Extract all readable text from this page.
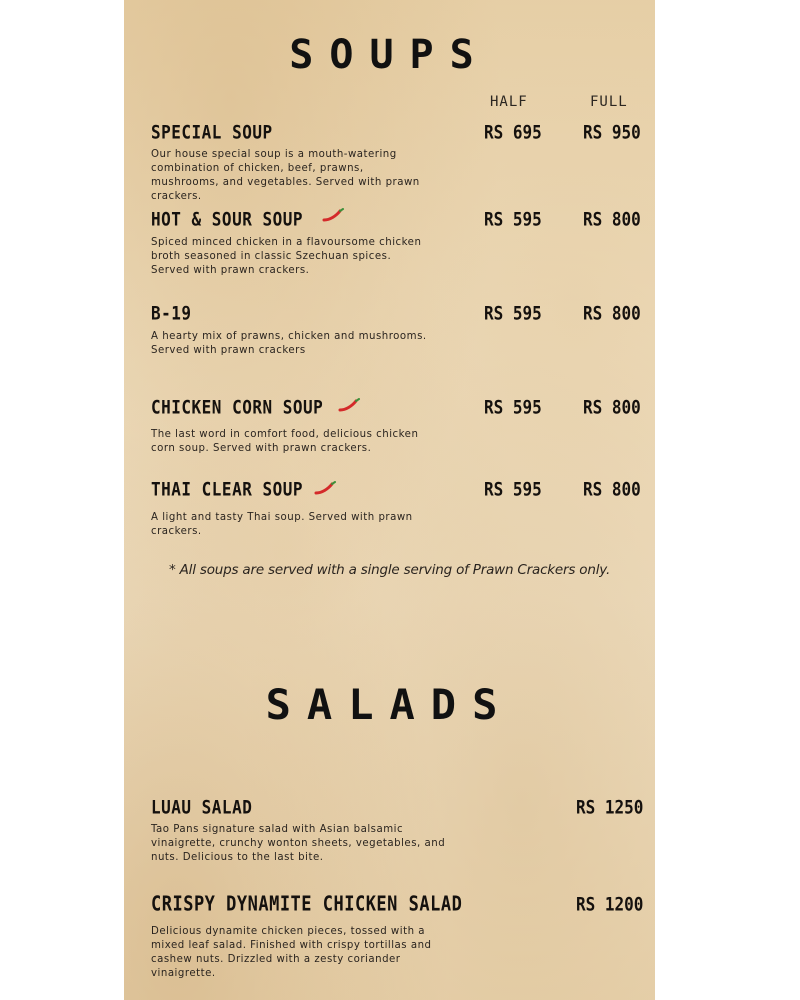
SOUPS
HALF	FULL
SPECIAL SOUP	RS 695	RS 950
Our house special soup is a mouth-watering combination of chicken, beef, prawns, mushrooms, and vegetables. Served with prawn crackers.
HOT & SOUR SOUP	RS 595	RS 800
Spiced minced chicken in a flavoursome chicken broth seasoned in classic Szechuan spices. Served with prawn crackers.
B-19	RS 595	RS 800
A hearty mix of prawns, chicken and mushrooms. Served with prawn crackers
CHICKEN CORN SOUP	RS 595	RS 800
The last word in comfort food, delicious chicken corn soup. Served with prawn crackers.
THAI CLEAR SOUP	RS 595	RS 800
A light and tasty Thai soup. Served with prawn crackers.
* All soups are served with a single serving of Prawn Crackers only.
SALADS
LUAU SALAD	RS 1250
Tao Pans signature salad with Asian balsamic vinaigrette, crunchy wonton sheets, vegetables, and nuts. Delicious to the last bite.
CRISPY DYNAMITE CHICKEN SALAD	RS 1200
Delicious dynamite chicken pieces, tossed with a mixed leaf salad. Finished with crispy tortillas and cashew nuts. Drizzled with a zesty coriander vinaigrette.
